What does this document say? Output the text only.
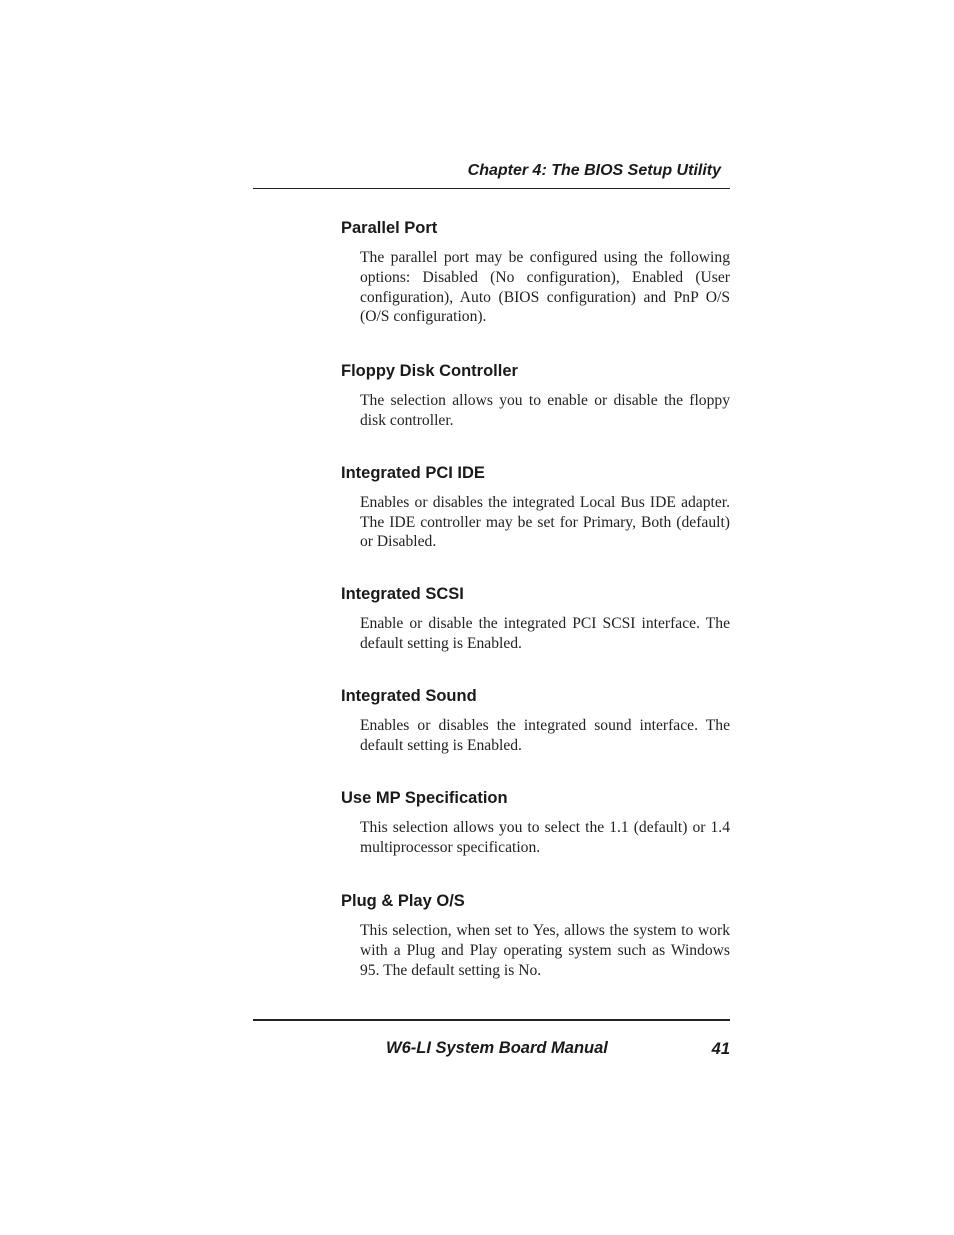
Chapter 4: The BIOS Setup Utility
Parallel Port

The parallel port may be configured using the following options: Disabled (No configuration), Enabled (User configuration), Auto (BIOS configuration) and PnP O/S (O/S configuration).

Floppy Disk Controller

The selection allows you to enable or disable the floppy disk controller.

Integrated PCI IDE

Enables or disables the integrated Local Bus IDE adapter. The IDE controller may be set for Primary, Both (default) or Disabled.

Integrated SCSI

Enable or disable the integrated PCI SCSI interface. The default setting is Enabled.

Integrated Sound

Enables or disables the integrated sound interface. The default setting is Enabled.

Use MP Specification

This selection allows you to select the 1.1 (default) or 1.4 multiprocessor specification.

Plug & Play O/S

This selection, when set to Yes, allows the system to work with a Plug and Play operating system such as Windows 95. The default setting is No.

W6-LI System Board Manual	41
